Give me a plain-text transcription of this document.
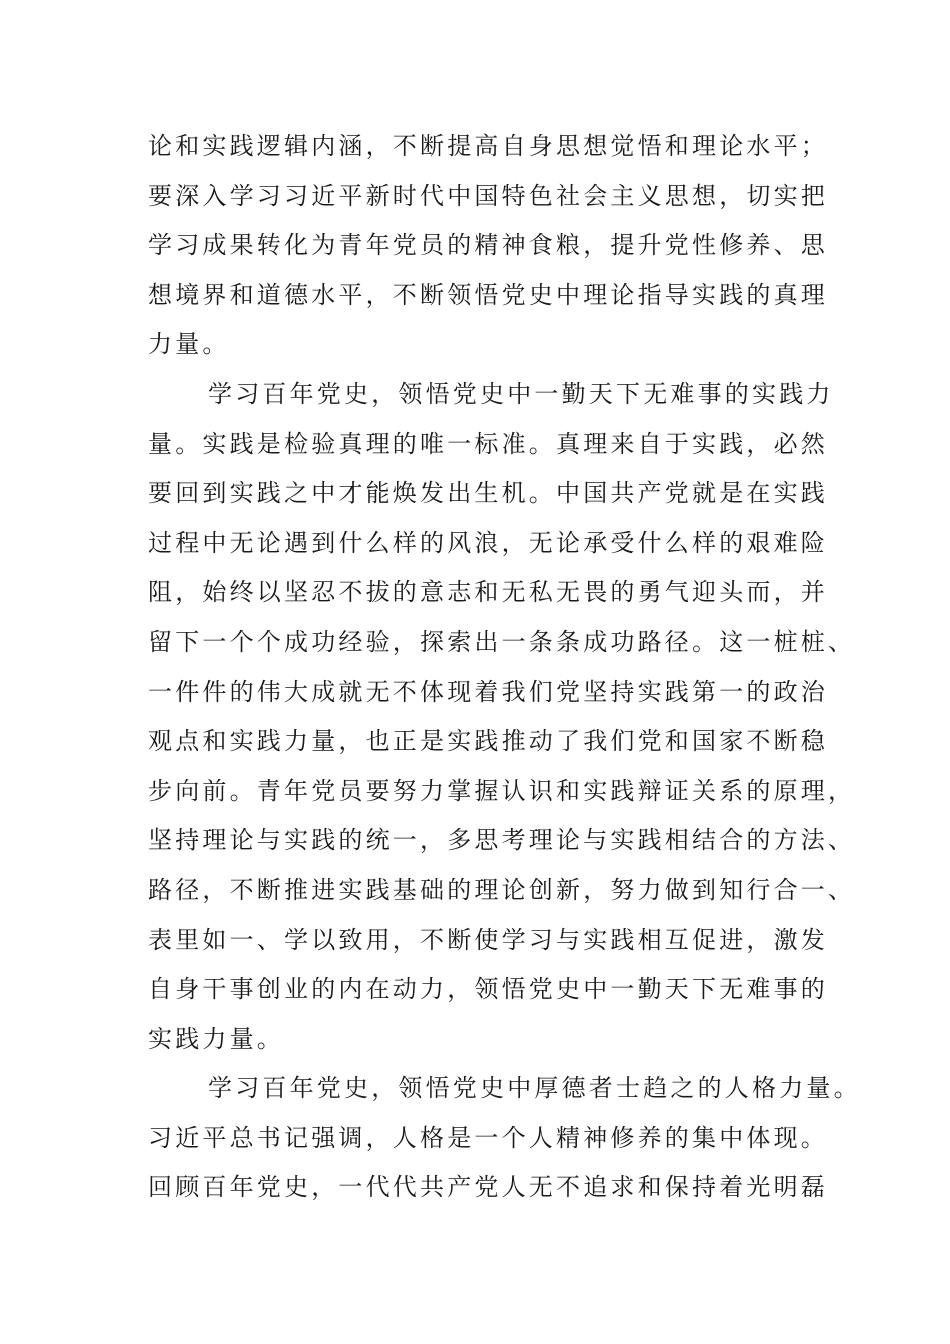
论和实践逻辑内涵，不断提高自身思想觉悟和理论水平；
要深入学习习近平新时代中国特色社会主义思想，切实把
学习成果转化为青年党员的精神食粮，提升党性修养、思
想境界和道德水平，不断领悟党史中理论指导实践的真理
力量。
学习百年党史，领悟党史中一勤天下无难事的实践力
量。实践是检验真理的唯一标准。真理来自于实践，必然
要回到实践之中才能焕发出生机。中国共产党就是在实践
过程中无论遇到什么样的风浪，无论承受什么样的艰难险
阻，始终以坚忍不拔的意志和无私无畏的勇气迎头而，并
留下一个个成功经验，探索出一条条成功路径。这一桩桩、
一件件的伟大成就无不体现着我们党坚持实践第一的政治
观点和实践力量，也正是实践推动了我们党和国家不断稳
步向前。青年党员要努力掌握认识和实践辩证关系的原理，
坚持理论与实践的统一，多思考理论与实践相结合的方法、
路径，不断推进实践基础的理论创新，努力做到知行合一、
表里如一、学以致用，不断使学习与实践相互促进，激发
自身干事创业的内在动力，领悟党史中一勤天下无难事的
实践力量。
学习百年党史，领悟党史中厚德者士趋之的人格力量。
习近平总书记强调，人格是一个人精神修养的集中体现。
回顾百年党史，一代代共产党人无不追求和保持着光明磊
